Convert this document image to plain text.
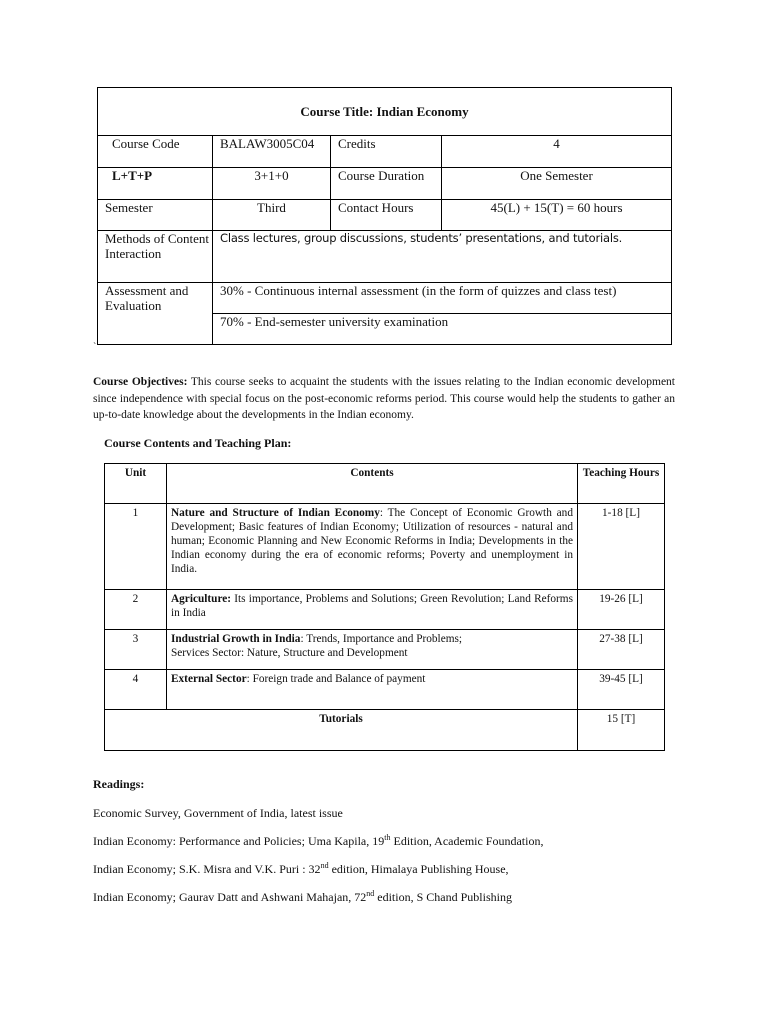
Course Title: Indian Economy			
Course Code	BALAW3005C04	Credits	4
L+T+P	3+1+0	Course Duration	One Semester
Semester	Third	Contact Hours	45(L) + 15(T) = 60 hours
Methods of Content Interaction	Class lectures, group discussions, students’ presentations, and tutorials.		
Assessment and Evaluation	30% - Continuous internal assessment (in the form of quizzes and class test)		
	70% - End-semester university examination		
`

Course Objectives: This course seeks to acquaint the students with the issues relating to the Indian economic development since independence with special focus on the post-economic reforms period. This course would help the students to gather an up-to-date knowledge about the developments in the Indian economy.

Course Contents and Teaching Plan:

Unit	Contents	Teaching Hours
1	Nature and Structure of Indian Economy: The Concept of Economic Growth and Development; Basic features of Indian Economy; Utilization of resources - natural and human; Economic Planning and New Economic Reforms in India; Developments in the Indian economy during the era of economic reforms; Poverty and unemployment in India.	1-18 [L]
2	Agriculture: Its importance, Problems and Solutions; Green Revolution; Land Reforms in India	19-26 [L]
3	Industrial Growth in India: Trends, Importance and Problems;
Services Sector: Nature, Structure and Development	27-38 [L]
4	External Sector: Foreign trade and Balance of payment	39-45 [L]
Tutorials		15 [T]

Readings:

Economic Survey, Government of India, latest issue

Indian Economy: Performance and Policies; Uma Kapila, 19th Edition, Academic Foundation,

Indian Economy; S.K. Misra and V.K. Puri : 32nd edition, Himalaya Publishing House,

Indian Economy; Gaurav Datt and Ashwani Mahajan, 72nd edition, S Chand Publishing
